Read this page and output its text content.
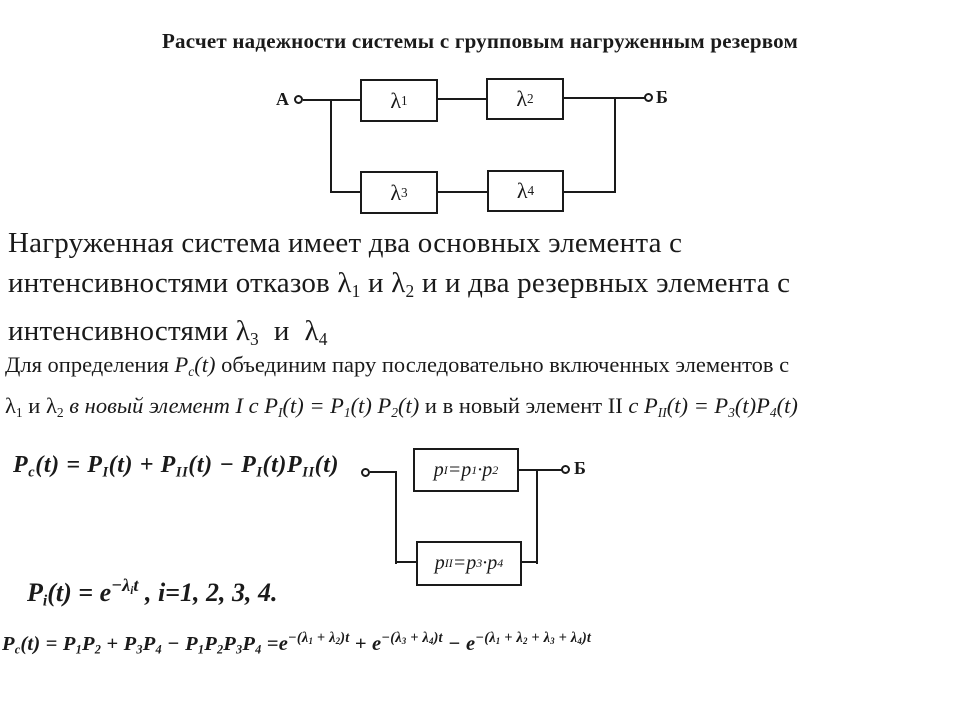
Расчет надежности системы с групповым нагруженным резервом
А	λ 1	λ 2	Б
λ 3	λ 4
Нагруженная система имеет два основных элемента с
интенсивностями отказов λ1 и λ2 и и два резервных элемента с
интенсивностями λ3  и  λ4
Для определения Pc(t) объединим пару последовательно включенных элементов с
λ1 и λ2 в новый элемент I с PI(t) = P1(t) P2(t) и в новый элемент II с PII(t) = P3(t)P4(t)
Pc(t) = PI(t) + PII(t) − PI(t)PII(t)	p I = p 1 · p 2	Б
p II = p 3 · p 4
$Pi(t) = e^{-\lambda it}$ , i=1, 2, 3, 4.
$Pc(t) = P1P2 + P3P4 - P1P2P3P4 =e^{-(\lambda 1 + \lambda 2)t} + e^{-(\lambda 3 + \lambda 4)t} - e^{-(\lambda 1 + \lambda 2 + \lambda 3 + \lambda 4)t}$
